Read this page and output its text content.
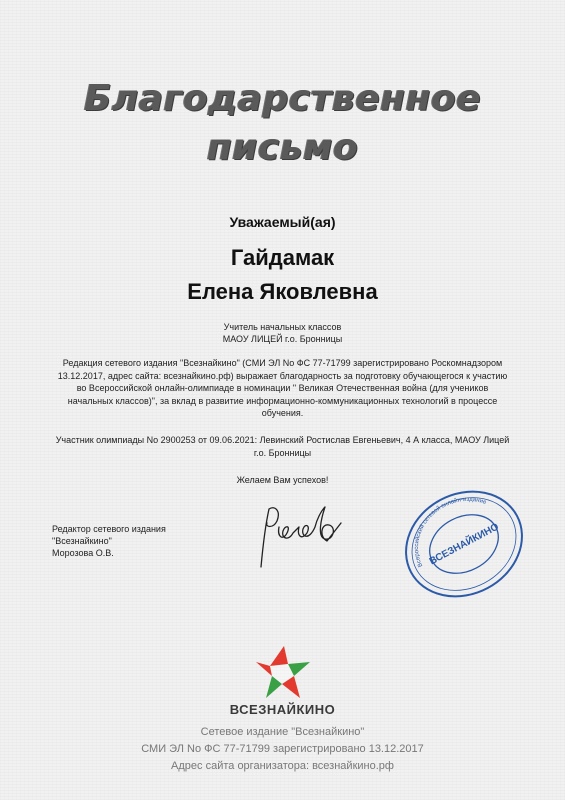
Благодарственное
письмо
Уважаемый(ая)
Гайдамак
Елена Яковлевна
Учитель начальных классов
МАОУ ЛИЦЕЙ г.о. Бронницы
Редакция сетевого издания "Всезнайкино" (СМИ ЭЛ No ФС 77-71799 зарегистрировано Роскомнадзором 13.12.2017, адрес сайта: всезнайкино.рф) выражает благодарность за подготовку обучающегося к участию во Всероссийской онлайн-олимпиаде в номинации " Великая Отечественная война (для учеников начальных классов)", за вклад в развитие информационно-коммуникационных технологий в процессе обучения.
Участник олимпиады No 2900253 от 09.06.2021: Левинский Ростислав Евгеньевич, 4 А класса, МАОУ Лицей г.о. Бронницы
Желаем Вам успехов!
Редактор сетевого издания
"Всезнайкино"
Морозова О.В.
Всероссийский сетевой онлайн-издание
ВСЕЗНАЙКИНО
ВСЕЗНАЙКИНО
Сетевое издание "Всезнайкино"
СМИ ЭЛ No ФС 77-71799 зарегистрировано 13.12.2017
Адрес сайта организатора: всезнайкино.рф
